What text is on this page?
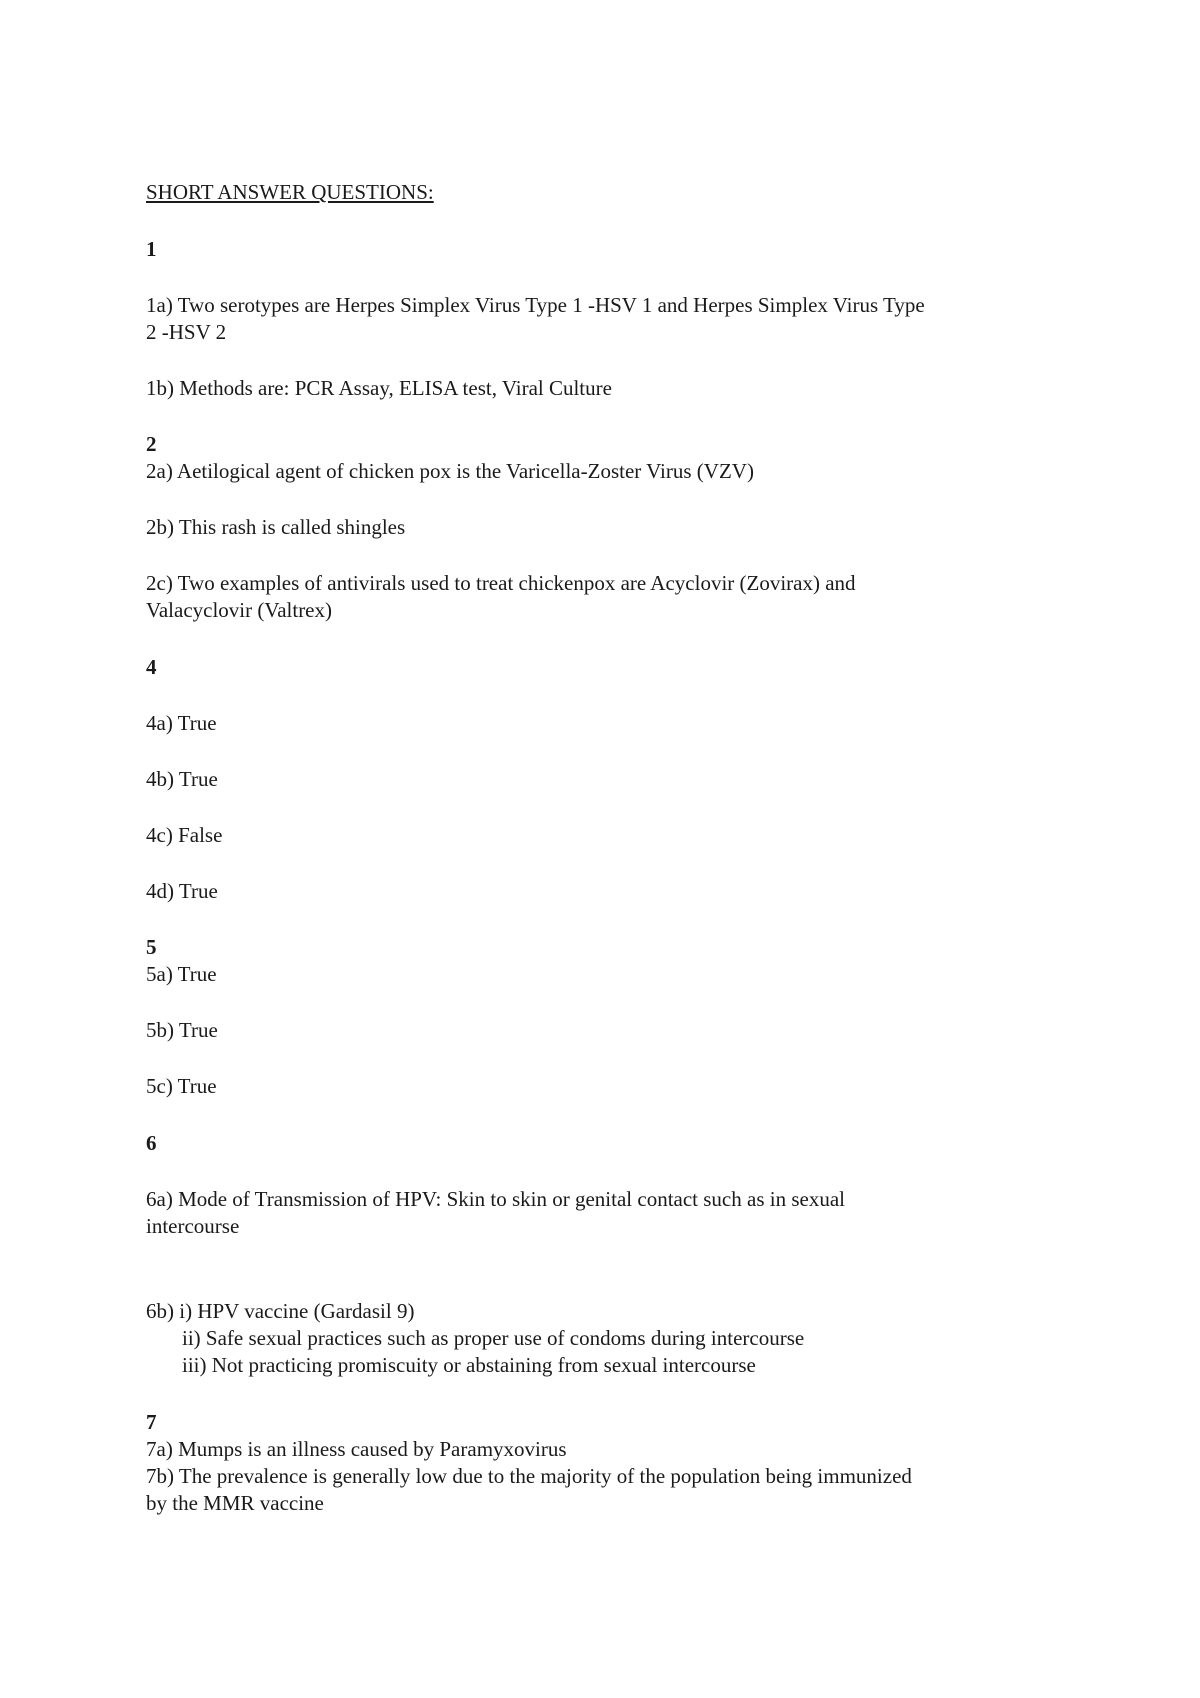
SHORT ANSWER QUESTIONS:
1
1a) Two serotypes are Herpes Simplex Virus Type 1 -HSV 1 and Herpes Simplex Virus Type
2 -HSV 2
1b) Methods are: PCR Assay, ELISA test, Viral Culture
2
2a) Aetilogical agent of chicken pox is the Varicella-Zoster Virus (VZV)
2b) This rash is called shingles
2c) Two examples of antivirals used to treat chickenpox are Acyclovir (Zovirax) and
Valacyclovir (Valtrex)
4
4a) True
4b) True
4c) False
4d) True
5
5a) True
5b) True
5c) True
6
6a) Mode of Transmission of HPV: Skin to skin or genital contact such as in sexual
intercourse
6b) i) HPV vaccine (Gardasil 9)
ii) Safe sexual practices such as proper use of condoms during intercourse
iii) Not practicing promiscuity or abstaining from sexual intercourse
7
7a) Mumps is an illness caused by Paramyxovirus
7b) The prevalence is generally low due to the majority of the population being immunized
by the MMR vaccine
